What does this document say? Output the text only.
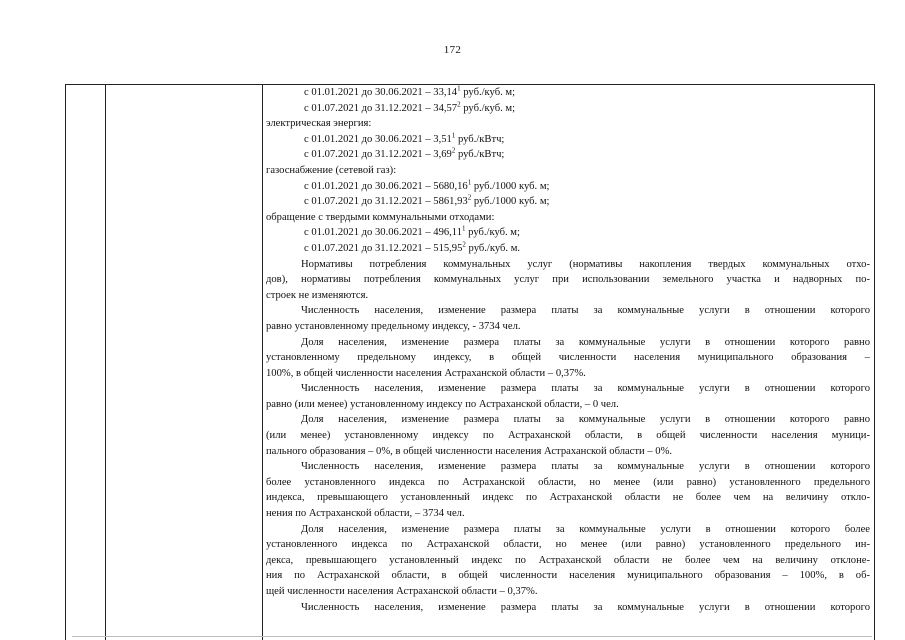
172
с 01.01.2021 до 30.06.2021 – 33,14$^1$ руб./куб. м;
с 01.07.2021 до 31.12.2021 – 34,57$^2$ руб./куб. м;
электрическая энергия:
с 01.01.2021 до 30.06.2021 – 3,51$^1$ руб./кВтч;
с 01.07.2021 до 31.12.2021 – 3,69$^2$ руб./кВтч;
газоснабжение (сетевой газ):
с 01.01.2021 до 30.06.2021 – 5680,16$^1$ руб./1000 куб. м;
с 01.07.2021 до 31.12.2021 – 5861,93$^2$ руб./1000 куб. м;
обращение с твердыми коммунальными отходами:
с 01.01.2021 до 30.06.2021 – 496,11$^1$ руб./куб. м;
с 01.07.2021 до 31.12.2021 – 515,95$^2$ руб./куб. м.
Нормативы потребления коммунальных услуг (нормативы накопления твердых коммунальных отхо-
дов), нормативы потребления коммунальных услуг при использовании земельного участка и надворных по-
строек не изменяются.
Численность населения, изменение размера платы за коммунальные услуги в отношении которого
равно установленному предельному индексу, - 3734 чел.
Доля населения, изменение размера платы за коммунальные услуги в отношении которого равно
установленному предельному индексу, в общей численности населения муниципального образования –
100%, в общей численности населения Астраханской области – 0,37%.
Численность населения, изменение размера платы за коммунальные услуги в отношении которого
равно (или менее) установленному индексу по Астраханской области, – 0 чел.
Доля населения, изменение размера платы за коммунальные услуги в отношении которого равно
(или менее) установленному индексу по Астраханской области, в общей численности населения муници-
пального образования – 0%, в общей численности населения Астраханской области – 0%.
Численность населения, изменение размера платы за коммунальные услуги в отношении которого
более установленного индекса по Астраханской области, но менее (или равно) установленного предельного
индекса, превышающего установленный индекс по Астраханской области не более чем на величину откло-
нения по Астраханской области, – 3734 чел.
Доля населения, изменение размера платы за коммунальные услуги в отношении которого более
установленного индекса по Астраханской области, но менее (или равно) установленного предельного ин-
декса, превышающего установленный индекс по Астраханской области не более чем на величину отклоне-
ния по Астраханской области, в общей численности населения муниципального образования – 100%, в об-
щей численности населения Астраханской области – 0,37%.
Численность населения, изменение размера платы за коммунальные услуги в отношении которого
